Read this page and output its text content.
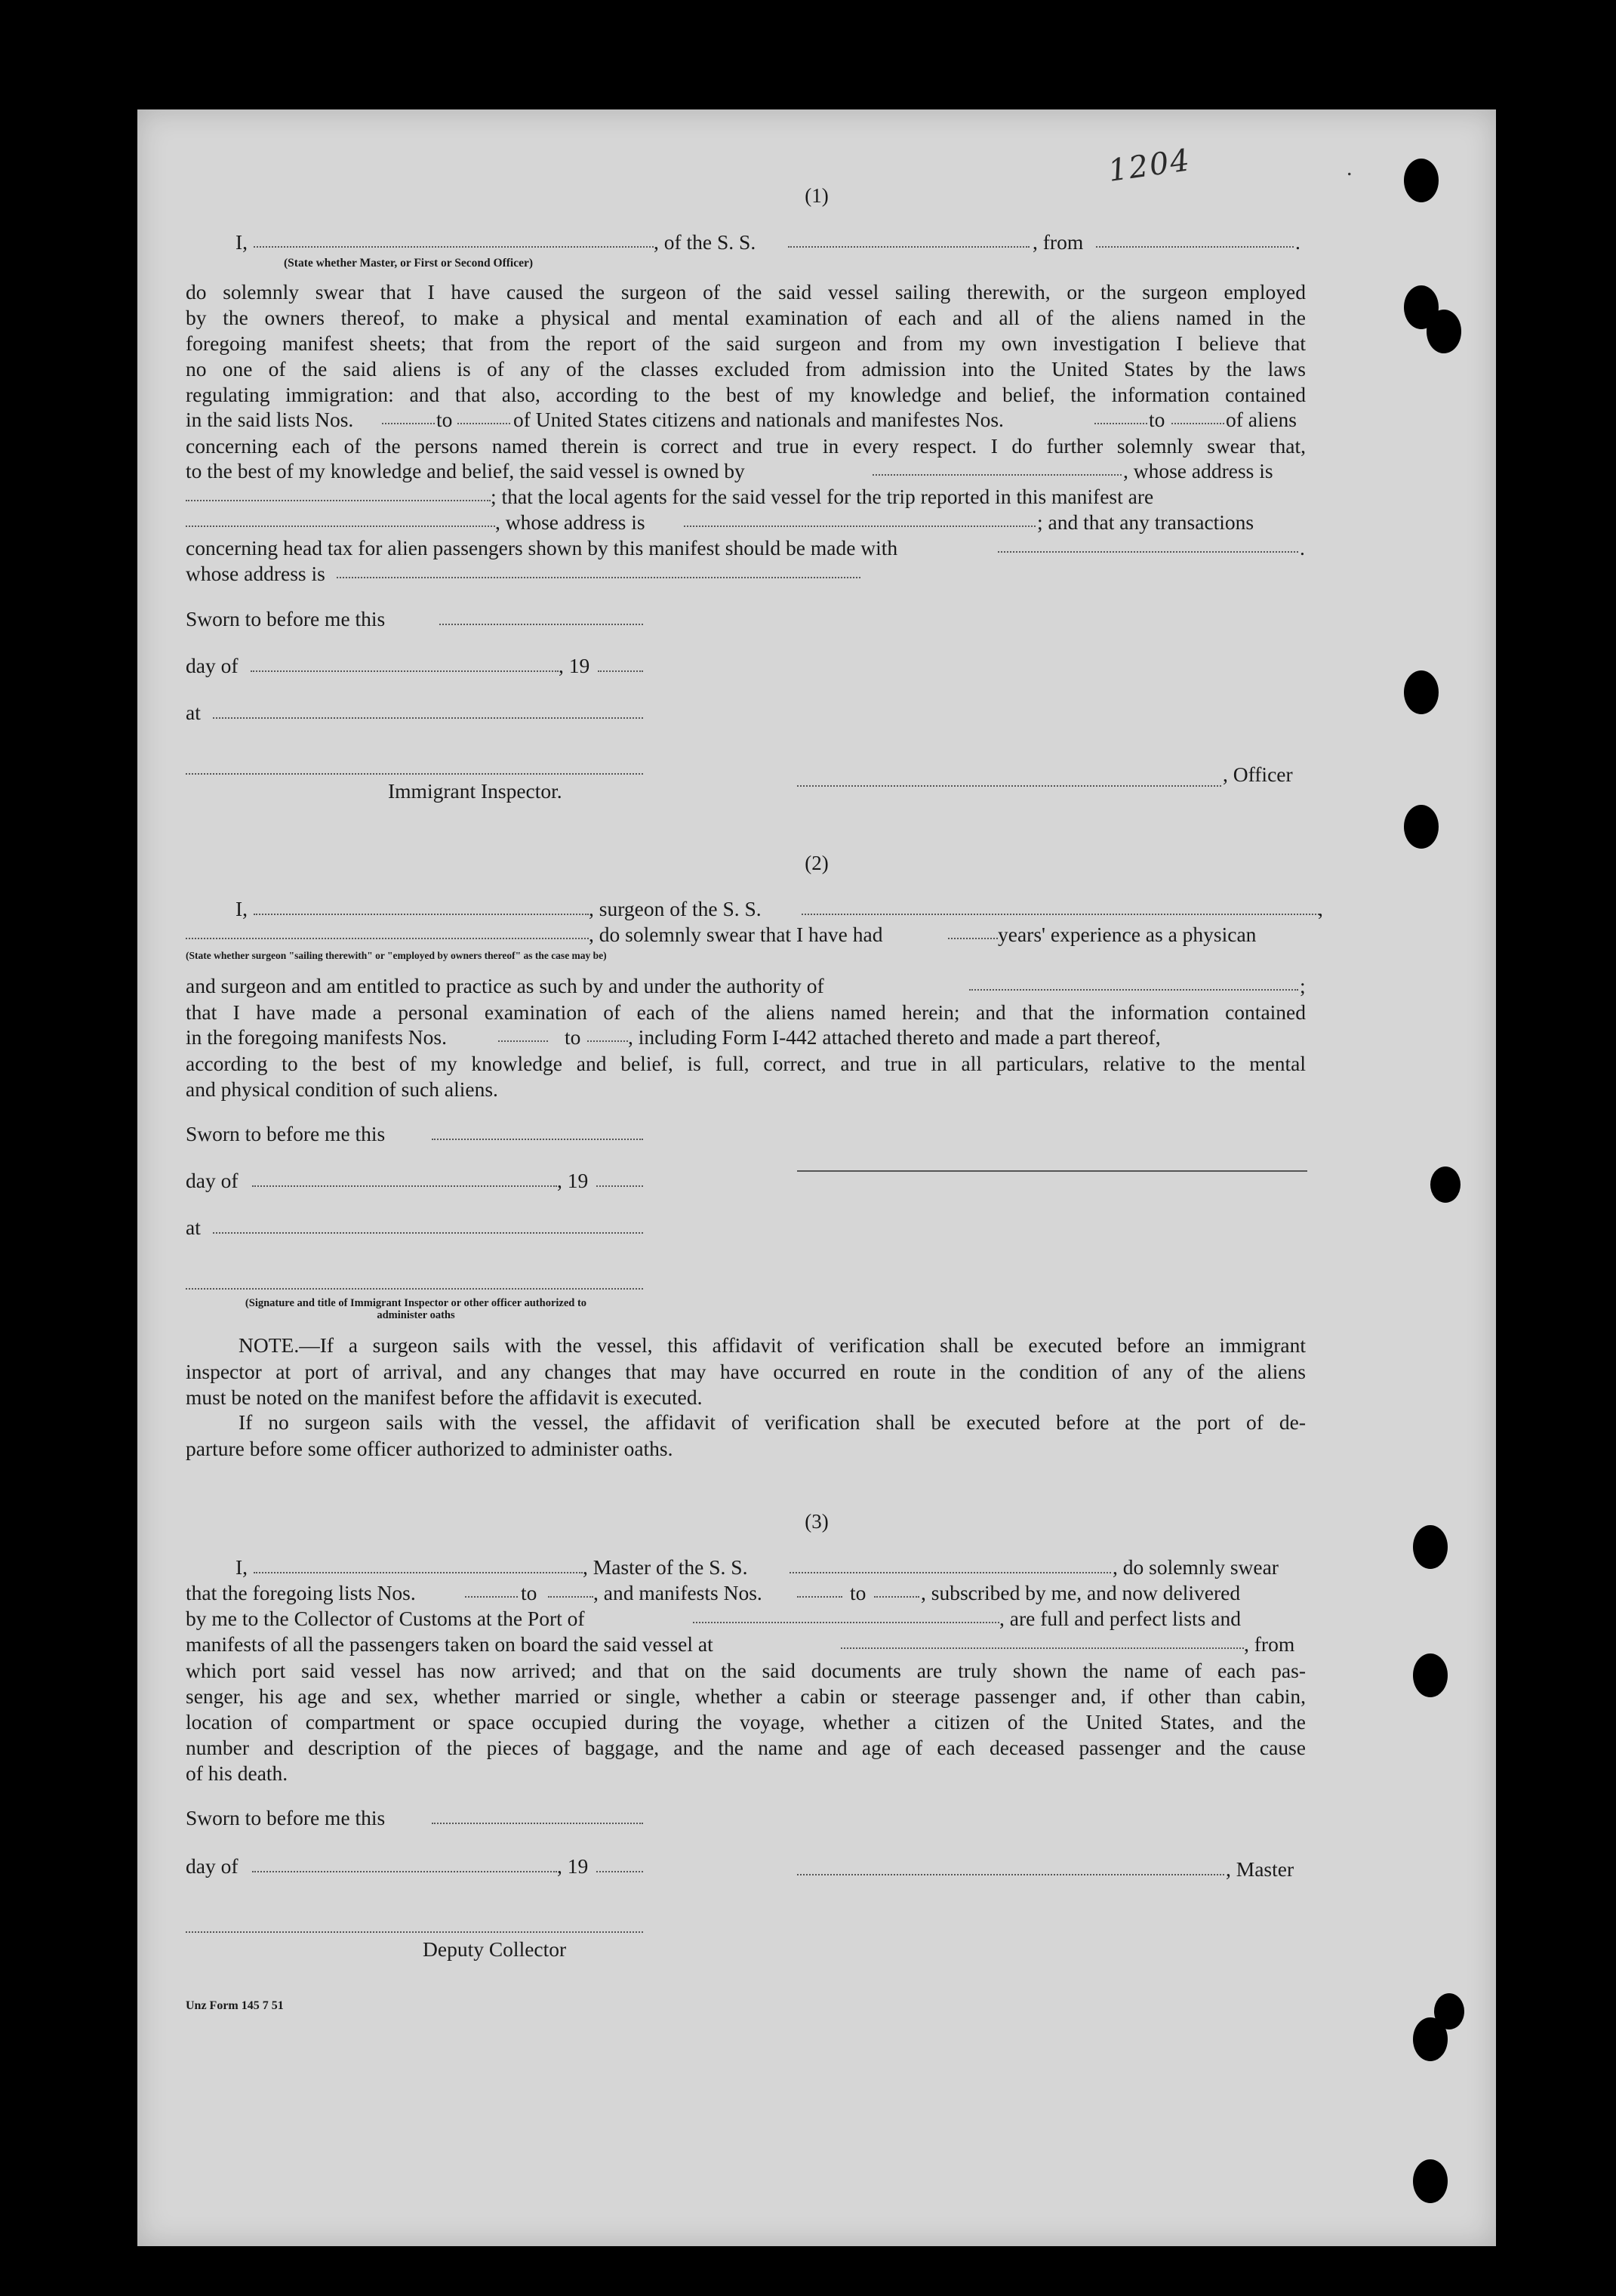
1204	.
(1)
I,	, of the S. S.	, from	.
(State whether Master, or First or Second Officer)
do solemnly swear that I have caused the surgeon of the said vessel sailing therewith, or the surgeon employed
by the owners thereof, to make a physical and mental examination of each and all of the aliens named in the
foregoing manifest sheets; that from the report of the said surgeon and from my own investigation I believe that
no one of the said aliens is of any of the classes excluded from admission into the United States by the laws
regulating immigration: and that also, according to the best of my knowledge and belief, the information contained
in the said lists Nos.	to	of United States citizens and nationals and manifestes Nos.	to	of aliens
concerning each of the persons named therein is correct and true in every respect. I do further solemnly swear that,
to the best of my knowledge and belief, the said vessel is owned by	, whose address is
; that the local agents for the said vessel for the trip reported in this manifest are
, whose address is	; and that any transactions
concerning head tax for alien passengers shown by this manifest should be made with	.
whose address is
Sworn to before me this
day of	, 19
at
, Officer
Immigrant Inspector.
(2)
I,	, surgeon of the S. S.	,
, do solemnly swear that I have had	years' experience as a physican
(State whether surgeon "sailing therewith" or "employed by owners thereof" as the case may be)
and surgeon and am entitled to practice as such by and under the authority of	;
that I have made a personal examination of each of the aliens named herein; and that the information contained
in the foregoing manifests Nos.	to , including Form I-442 attached thereto and made a part thereof,
according to the best of my knowledge and belief, is full, correct, and true in all particulars, relative to the mental
and physical condition of such aliens.
Sworn to before me this
day of	, 19
at
(Signature and title of Immigrant Inspector or other officer authorized to administer oaths
NOTE.—If a surgeon sails with the vessel, this affidavit of verification shall be executed before an immigrant
inspector at port of arrival, and any changes that may have occurred en route in the condition of any of the aliens
must be noted on the manifest before the affidavit is executed.
If no surgeon sails with the vessel, the affidavit of verification shall be executed before at the port of de-
parture before some officer authorized to administer oaths.
(3)
I,	, Master of the S. S.	, do solemnly swear
that the foregoing lists Nos.	to	, and manifests Nos.	to	, subscribed by me, and now delivered
by me to the Collector of Customs at the Port of	, are full and perfect lists and
manifests of all the passengers taken on board the said vessel at	, from
which port said vessel has now arrived; and that on the said documents are truly shown the name of each pas-
senger, his age and sex, whether married or single, whether a cabin or steerage passenger and, if other than cabin,
location of compartment or space occupied during the voyage, whether a citizen of the United States, and the
number and description of the pieces of baggage, and the name and age of each deceased passenger and the cause
of his death.
Sworn to before me this
day of	, 19	, Master
Deputy Collector
Unz Form 145 7 51
